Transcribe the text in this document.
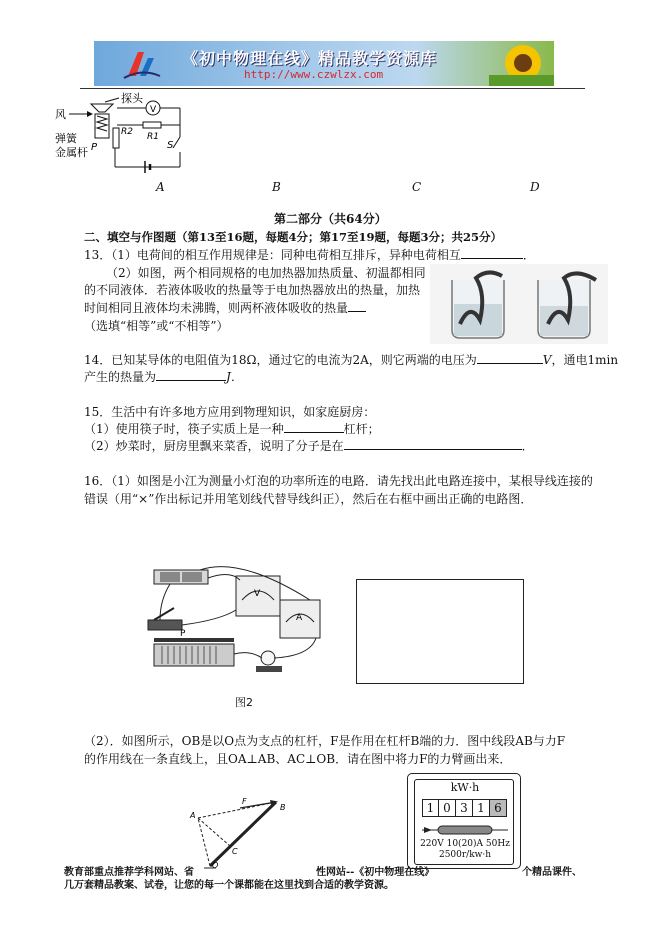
《初中物理在线》精品教学资源库
http://www.czwlzx.com
风
探头
弹簧
金属杆 P
R2
V
R1
S
A	B	C	D
第二部分（共64分）
二、填空与作图题（第13至16题，每题4分；第17至19题，每题3分；共25分）
13．（1）电荷间的相互作用规律是：同种电荷相互排斥，异种电荷相互	．
（2）如图，两个相同规格的电加热器加热质量、初温都相同
的不同液体．若液体吸收的热量等于电加热器放出的热量，加热
时间相同且液体均未沸腾，则两杯液体吸收的热量
（选填“相等”或“不相等”）
14．已知某导体的电阻值为18Ω，通过它的电流为2A，则它两端的电压为	V，通电1min
产生的热量为	J．
15．生活中有许多地方应用到物理知识，如家庭厨房：
（1）使用筷子时，筷子实质上是一种	杠杆；
（2）炒菜时，厨房里飘来菜香，说明了分子是在	．
16．（1）如图是小江为测量小灯泡的功率所连的电路．请先找出此电路连接中，某根导线连接的
错误（用“×”作出标记并用笔划线代替导线纠正），然后在右框中画出正确的电路图．
V
A
P
图2
（2）．如图所示，OB是以O点为支点的杠杆，F是作用在杠杆B端的力．图中线段AB与力F
的作用线在一条直线上，且OA⊥AB、AC⊥OB．请在图中将力F的力臂画出来．
F
B
A
C
O
kW·h
1 0 3 1 6
220V 10(20)A 50Hz
2500r/kw·h
教育部重点推荐学科网站、省	性网站--《初中物理在线》	个精品课件、
几万套精品教案、试卷，让您的每一个课都能在这里找到合适的教学资源。
